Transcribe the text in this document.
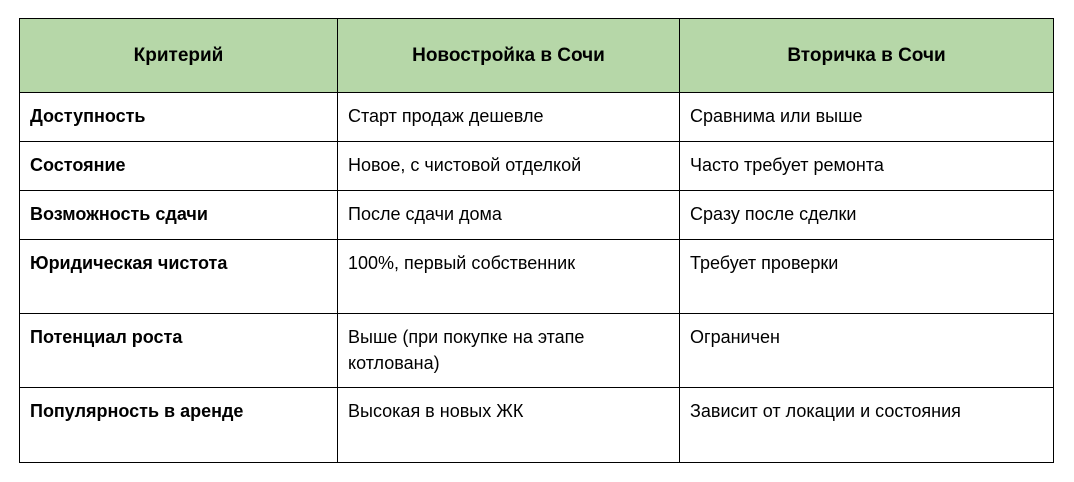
Критерий	Новостройка в Сочи	Вторичка в Сочи
Доступность	Старт продаж дешевле	Сравнима или выше
Состояние	Новое, с чистовой отделкой	Часто требует ремонта
Возможность сдачи	После сдачи дома	Сразу после сделки
Юридическая чистота	100%, первый собственник	Требует проверки
Потенциал роста	Выше (при покупке на этапе котлована)	Ограничен
Популярность в аренде	Высокая в новых ЖК	Зависит от локации и состояния
